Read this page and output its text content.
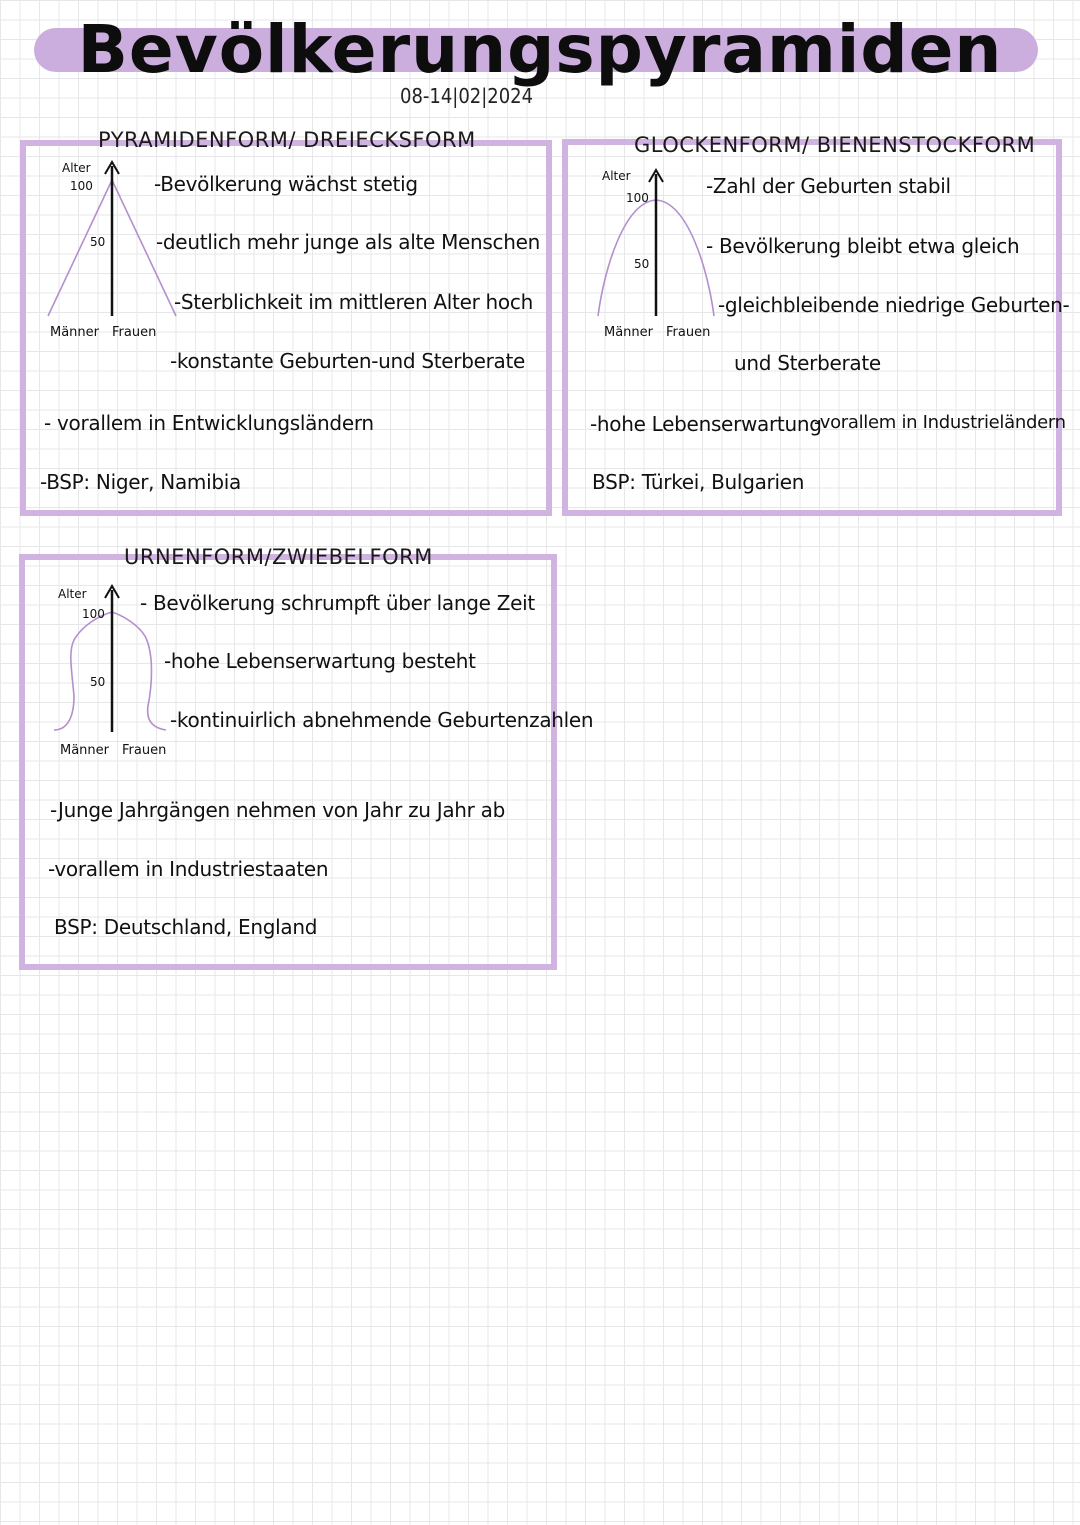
Bevölkerungspyramiden
08-14|02|2024
PYRAMIDENFORM/ DREIECKSFORM
Alter
100
50
Männer Frauen
-Bevölkerung wächst stetig
-deutlich mehr junge als alte Menschen
-Sterblichkeit im mittleren Alter hoch
-konstante Geburten-und Sterberate
- vorallem in Entwicklungsländern
-BSP: Niger, Namibia
GLOCKENFORM/ BIENENSTOCKFORM
Alter
100
50
Männer Frauen
-Zahl der Geburten stabil
- Bevölkerung bleibt etwa gleich
-gleichbleibende niedrige Geburten-
und Sterberate
-hohe Lebenserwartung
-vorallem in Industrieländern
BSP: Türkei, Bulgarien
URNENFORM/ZWIEBELFORM
Alter
100
50
Männer Frauen
- Bevölkerung schrumpft über lange Zeit
-hohe Lebenserwartung besteht
-kontinuirlich abnehmende Geburtenzahlen
-Junge Jahrgängen nehmen von Jahr zu Jahr ab
-vorallem in Industriestaaten
BSP: Deutschland, England
